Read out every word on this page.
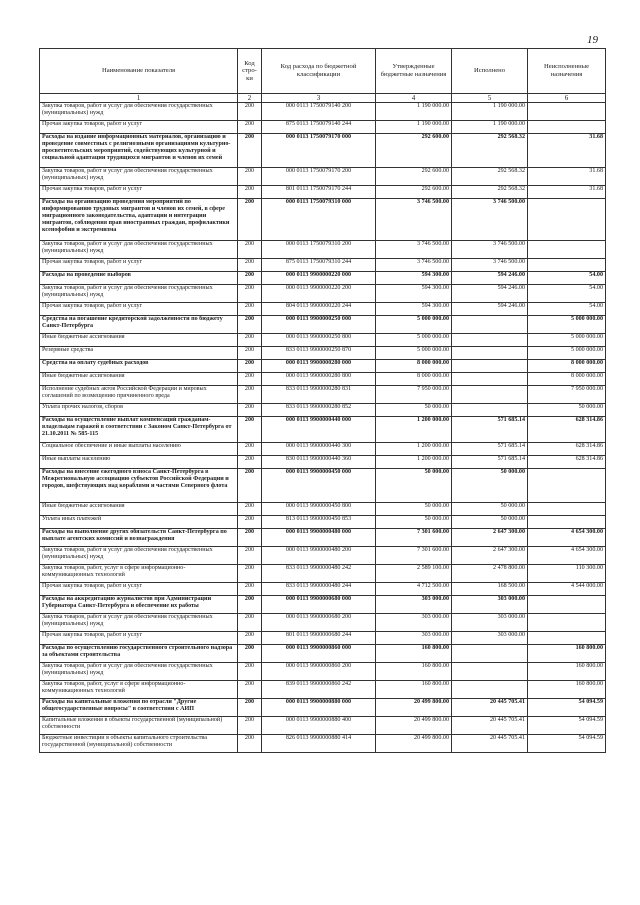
19
Наименование показателя	Код стро- ки	Код расхода по бюджетной классификации	Утвержденные бюджетные назначения	Исполнено	Неисполненные назначения
1	2	3	4	5	6
Закупка товаров, работ и услуг для обеспечения государственных (муниципальных) нужд	200	000 0113 1750079140 200	1 190 000.00	1 190 000.00	
Прочая закупка товаров, работ и услуг	200	875 0113 1750079140 244	1 190 000.00	1 190 000.00	
Расходы на издание информационных материалов, организацию и проведение совместных с религиозными организациями культурно-просветительских мероприятий, содействующих культурной и социальной адаптации трудящихся мигрантов и членов их семей	200	000 0113 1750079170 000	292 600.00	292 568.32	31.68
Закупка товаров, работ и услуг для обеспечения государственных (муниципальных) нужд	200	000 0113 1750079170 200	292 600.00	292 568.32	31.68
Прочая закупка товаров, работ и услуг	200	801 0113 1750079170 244	292 600.00	292 568.32	31.68
Расходы на организацию проведения мероприятий по информированию трудовых мигрантов и членов их семей, в сфере миграционного законодательства, адаптации и интеграции мигрантов, соблюдения прав иностранных граждан, профилактики ксенофобии и экстремизма	200	000 0113 1750079310 000	3 746 500.00	3 746 500.00	
Закупка товаров, работ и услуг для обеспечения государственных (муниципальных) нужд	200	000 0113 1750079310 200	3 746 500.00	3 746 500.00	
Прочая закупка товаров, работ и услуг	200	875 0113 1750079310 244	3 746 500.00	3 746 500.00	
Расходы на проведение выборов	200	000 0113 9900000220 000	594 300.00	594 246.00	54.00
Закупка товаров, работ и услуг для обеспечения государственных (муниципальных) нужд	200	000 0113 9900000220 200	594 300.00	594 246.00	54.00
Прочая закупка товаров, работ и услуг	200	804 0113 9900000220 244	594 300.00	594 246.00	54.00
Средства на погашение кредиторской задолженности по бюджету Санкт-Петербурга	200	000 0113 9900000250 000	5 000 000.00		5 000 000.00
Иные бюджетные ассигнования	200	000 0113 9900000250 800	5 000 000.00		5 000 000.00
Резервные средства	200	833 0113 9900000250 870	5 000 000.00		5 000 000.00
Средства на оплату судебных расходов	200	000 0113 9900000280 000	8 000 000.00		8 000 000.00
Иные бюджетные ассигнования	200	000 0113 9900000280 800	8 000 000.00		8 000 000.00
Исполнение судебных актов Российской Федерации и мировых соглашений по возмещению причиненного вреда	200	833 0113 9900000280 831	7 950 000.00		7 950 000.00
Уплата прочих налогов, сборов	200	833 0113 9900000280 852	50 000.00		50 000.00
Расходы на осуществление выплат компенсаций гражданам-владельцам гаражей в соответствии с Законом Санкт-Петербурга от 21.10.2011 № 585-115	200	000 0113 9900000440 000	1 200 000.00	571 685.14	628 314.86
Социальное обеспечение и иные выплаты населению	200	000 0113 9900000440 300	1 200 000.00	571 685.14	628 314.86
Иные выплаты населению	200	830 0113 9900000440 360	1 200 000.00	571 685.14	628 314.86
Расходы на внесение ежегодного взноса Санкт-Петербурга в Межрегиональную ассоциацию субъектов Российской Федерации и городов, шефствующих над кораблями и частями Северного флота	200	000 0113 9900000450 000	50 000.00	50 000.00	
Иные бюджетные ассигнования	200	000 0113 9900000450 800	50 000.00	50 000.00	
Уплата иных платежей	200	813 0113 9900000450 853	50 000.00	50 000.00	
Расходы на выполнение других обязательств Санкт-Петербурга по выплате агентских комиссий и вознаграждения	200	000 0113 9900000480 000	7 301 600.00	2 647 300.00	4 654 300.00
Закупка товаров, работ и услуг для обеспечения государственных (муниципальных) нужд	200	000 0113 9900000480 200	7 301 600.00	2 647 300.00	4 654 300.00
Закупка товаров, работ, услуг в сфере информационно-коммуникационных технологий	200	833 0113 9900000480 242	2 589 100.00	2 478 800.00	110 300.00
Прочая закупка товаров, работ и услуг	200	833 0113 9900000480 244	4 712 500.00	168 500.00	4 544 000.00
Расходы на аккредитацию журналистов при Администрации Губернатора Санкт-Петербурга и обеспечение их работы	200	000 0113 9900000680 000	303 000.00	303 000.00	
Закупка товаров, работ и услуг для обеспечения государственных (муниципальных) нужд	200	000 0113 9900000680 200	303 000.00	303 000.00	
Прочая закупка товаров, работ и услуг	200	801 0113 9900000680 244	303 000.00	303 000.00	
Расходы по осуществлению государственного строительного надзора за объектами строительства	200	000 0113 9900000860 000	160 800.00		160 800.00
Закупка товаров, работ и услуг для обеспечения государственных (муниципальных) нужд	200	000 0113 9900000860 200	160 800.00		160 800.00
Закупка товаров, работ, услуг в сфере информационно-коммуникационных технологий	200	839 0113 9900000860 242	160 800.00		160 800.00
Расходы на капитальные вложения по отрасли "Другие общегосударственные вопросы" в соответствии с АИП	200	000 0113 9900000880 000	20 499 800.00	20 445 705.41	54 094.59
Капитальные вложения в объекты государственной (муниципальной) собственности	200	000 0113 9900000880 400	20 499 800.00	20 445 705.41	54 094.59
Бюджетные инвестиции в объекты капитального строительства государственной (муниципальной) собственности	200	826 0113 9900000880 414	20 499 800.00	20 445 705.41	54 094.59
